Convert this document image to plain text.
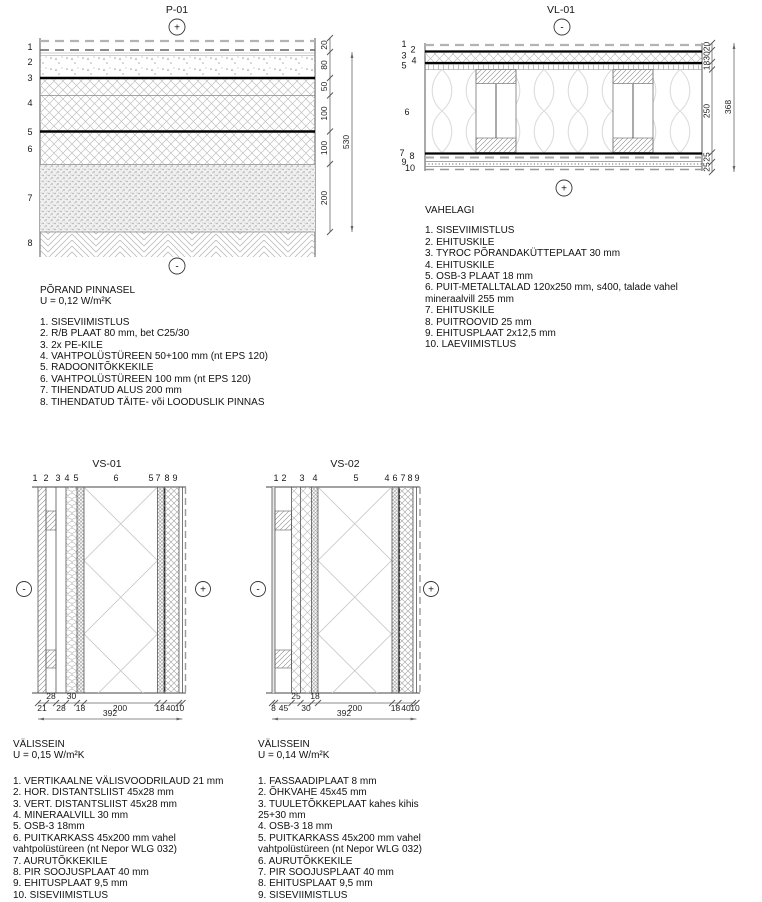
P-01
+
1
2
3
4
5
6
7
8
20
80
50
100
100
200
530
-
VL-01
-
1
2
3 4
5
6
7 8
9
10
20
30
18
250
25
25
368
+
VS-01
1 2 3 4 5	6	5 7 8 9
-	+
21
28
28
30
18	200	18 40 10
392
VS-02
1 2 3 4	5	4 6 7 8 9
-	+
8 45
25
30
18
200	18 40 10
392
PÕRAND PINNASEL
U = 0,12 W/m²K
1. SISEVIIMISTLUS
2. R/B PLAAT 80 mm, bet C25/30
3. 2x PE-KILE
4. VAHTPOLÜSTÜREEN 50+100 mm (nt EPS 120)
5. RADOONITÕKKEKILE
6. VAHTPOLÜSTÜREEN 100 mm (nt EPS 120)
7. TIHENDATUD ALUS 200 mm
8. TIHENDATUD TÄITE- või LOODUSLIK PINNAS
VAHELAGI
1. SISEVIIMISTLUS
2. EHITUSKILE
3. TYROC PÕRANDAKÜTTEPLAAT 30 mm
4. EHITUSKILE
5. OSB-3 PLAAT 18 mm
6. PUIT-METALLTALAD 120x250 mm, s400, talade vahel
mineraalvill 255 mm
7. EHITUSKILE
8. PUITROOVID 25 mm
9. EHITUSPLAAT 2x12,5 mm
10. LAEVIIMISTLUS
VÄLISSEIN
U = 0,15 W/m²K
1. VERTIKAALNE VÄLISVOODRILAUD 21 mm
2. HOR. DISTANTSLIIST 45x28 mm
3. VERT. DISTANTSLIIST 45x28 mm
4. MINERAALVILL 30 mm
5. OSB-3 18mm
6. PUITKARKASS 45x200 mm vahel
vahtpolüstüreen (nt Nepor WLG 032)
7. AURUTÕKKEKILE
8. PIR SOOJUSPLAAT 40 mm
9. EHITUSPLAAT 9,5 mm
10. SISEVIIMISTLUS
VÄLISSEIN
U = 0,14 W/m²K
1. FASSAADIPLAAT 8 mm
2. ÕHKVAHE 45x45 mm
3. TUULETÕKKEPLAAT kahes kihis
25+30 mm
4. OSB-3 18 mm
5. PUITKARKASS 45x200 mm vahel
vahtpolüstüreen (nt Nepor WLG 032)
6. AURUTÕKKEKILE
7. PIR SOOJUSPLAAT 40 mm
8. EHITUSPLAAT 9,5 mm
9. SISEVIIMISTLUS
